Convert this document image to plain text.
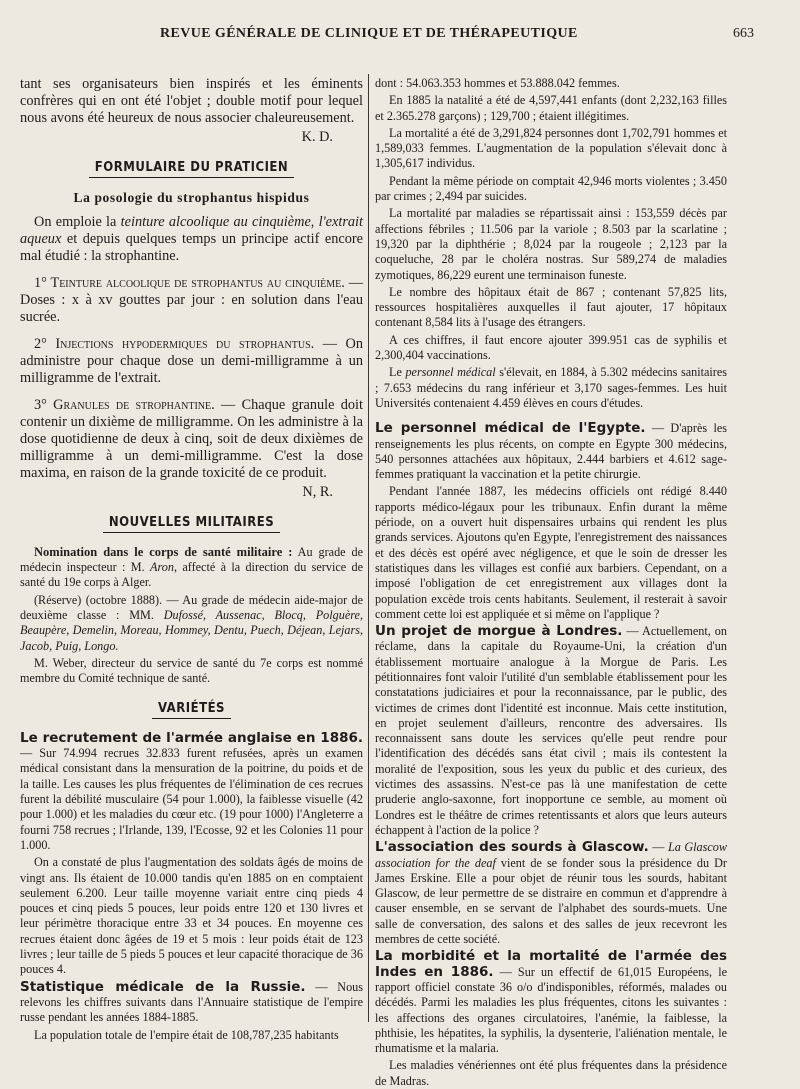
REVUE GÉNÉRALE DE CLINIQUE ET DE THÉRAPEUTIQUE	663

tant ses organisateurs bien inspirés et les éminents confrères qui en ont été l'objet ; double motif pour lequel nous avons été heureux de nous associer chaleureusement.

K. D.
FORMULAIRE DU PRATICIEN
La posologie du strophantus hispidus

On emploie la teinture alcoolique au cinquième, l'extrait aqueux et depuis quelques temps un principe actif encore mal étudié : la strophantine.

1° Teinture alcoolique de strophantus au cinquième. — Doses : x à xv gouttes par jour : en solution dans l'eau sucrée.

2° Injections hypodermiques du strophantus. — On administre pour chaque dose un demi-milligramme à un milligramme de l'extrait.

3° Granules de strophantine. — Chaque granule doit contenir un dixième de milligramme. On les administre à la dose quotidienne de deux à cinq, soit de deux dixièmes de milligramme à un demi-milligramme. C'est la dose maxima, en raison de la grande toxicité de ce produit.

N, R.
NOUVELLES MILITAIRES

Nomination dans le corps de santé militaire : Au grade de médecin inspecteur : M. Aron, affecté à la direction du service de santé du 19e corps à Alger.

(Réserve) (octobre 1888). — Au grade de médecin aide-major de deuxième classe : MM. Dufossé, Aussenac, Blocq, Polguère, Beaupère, Demelin, Moreau, Hommey, Dentu, Puech, Déjean, Lejars, Jacob, Puig, Longo.

M. Weber, directeur du service de santé du 7e corps est nommé membre du Comité technique de santé.

VARIÉTÉS

Le recrutement de l'armée anglaise en 1886. — Sur 74.994 recrues 32.833 furent refusées, après un examen médical consistant dans la mensuration de la poitrine, du poids et de la taille. Les causes les plus fréquentes de l'élimination de ces recrues furent la débilité musculaire (54 pour 1.000), la faiblesse visuelle (42 pour 1.000) et les maladies du cœur etc. (19 pour 1000) l'Angleterre a fourni 758 recrues ; l'Irlande, 139, l'Ecosse, 92 et les Colonies 11 pour 1.000.

On a constaté de plus l'augmentation des soldats âgés de moins de vingt ans. Ils étaient de 10.000 tandis qu'en 1885 on en comptaient seulement 6.200. Leur taille moyenne variait entre cinq pieds 4 pouces et cinq pieds 5 pouces, leur poids entre 120 et 130 livres et leur périmètre thoracique entre 33 et 34 pouces. En moyenne ces recrues étaient donc âgées de 19 et 5 mois : leur poids était de 123 livres ; leur taille de 5 pieds 5 pouces et leur capacité thoracique de 36 pouces 4.

Statistique médicale de la Russie. — Nous relevons les chiffres suivants dans l'Annuaire statistique de l'empire russe pendant les années 1884-1885.

La population totale de l'empire était de 108,787,235 habitants

dont : 54.063.353 hommes et 53.888.042 femmes.

En 1885 la natalité a été de 4,597,441 enfants (dont 2,232,163 filles et 2.365.278 garçons) ; 129,700 ; étaient illégitimes.

La mortalité a été de 3,291,824 personnes dont 1,702,791 hommes et 1,589,033 femmes. L'augmentation de la population s'élevait donc à 1,305,617 individus.

Pendant la même période on comptait 42,946 morts violentes ; 3.450 par crimes ; 2,494 par suicides.

La mortalité par maladies se répartissait ainsi : 153,559 décès par affections fébriles ; 11.506 par la variole ; 8.503 par la scarlatine ; 19,320 par la diphthérie ; 8,024 par la rougeole ; 2,123 par la coqueluche, 28 par le choléra nostras. Sur 589,274 de maladies zymotiques, 86,229 eurent une terminaison funeste.

Le nombre des hôpitaux était de 867 ; contenant 57,825 lits, ressources hospitalières auxquelles il faut ajouter, 17 hôpitaux contenant 8,584 lits à l'usage des étrangers.

A ces chiffres, il faut encore ajouter 399.951 cas de syphilis et 2,300,404 vaccinations.

Le personnel médical s'élevait, en 1884, à 5.302 médecins sanitaires ; 7.653 médecins du rang inférieur et 3,170 sages-femmes. Les huit Universités contenaient 4.459 élèves en cours d'études.

Le personnel médical de l'Egypte. — D'après les renseignements les plus récents, on compte en Egypte 300 médecins, 540 personnes attachées aux hôpitaux, 2.444 barbiers et 4.612 sage-femmes pratiquant la vaccination et la petite chirurgie.

Pendant l'année 1887, les médecins officiels ont rédigé 8.440 rapports médico-légaux pour les tribunaux. Enfin durant la même période, on a ouvert huit dispensaires urbains qui rendent les plus grands services. Ajoutons qu'en Egypte, l'enregistrement des naissances et des décès est opéré avec négligence, et que le soin de dresser les statistiques dans les villages est confié aux barbiers. Cependant, on a imposé l'obligation de cet enregistrement aux villages dont la population excède trois cents habitants. Seulement, il resterait à savoir comment cette loi est appliquée et si même on l'applique ?

Un projet de morgue à Londres. — Actuellement, on réclame, dans la capitale du Royaume-Uni, la création d'un établissement mortuaire analogue à la Morgue de Paris. Les pétitionnaires font valoir l'utilité d'un semblable établissement pour les constatations judiciaires et pour la reconnaissance, par le public, des victimes de crimes dont l'identité est inconnue. Mais cette institution, en projet seulement d'ailleurs, rencontre des adversaires. Ils reconnaissent sans doute les services qu'elle peut rendre pour l'identification des décédés sans état civil ; mais ils contestent la moralité de l'exposition, sous les yeux du public et des curieux, des victimes des assassins. N'est-ce pas là une manifestation de cette pruderie anglo-saxonne, fort inopportune ce semble, au moment où Londres est le théâtre de crimes retentissants et alors que leurs auteurs échappent à l'action de la police ?

L'association des sourds à Glascow. — La Glascow association for the deaf vient de se fonder sous la présidence du Dr James Erskine. Elle a pour objet de réunir tous les sourds, habitant Glascow, de leur permettre de se distraire en commun et d'apprendre à causer ensemble, en se servant de l'alphabet des sourds-muets. Une salle de conversation, des salons et des salles de jeux recevront les membres de cette société.

La morbidité et la mortalité de l'armée des Indes en 1886. — Sur un effectif de 61,015 Européens, le rapport officiel constate 36 o/o d'indisponibles, réformés, malades ou décédés. Parmi les maladies les plus fréquentes, citons les suivantes : les affections des organes circulatoires, l'anémie, la faiblesse, la phthisie, les hépatites, la syphilis, la dysenterie, l'aliénation mentale, le rhumatisme et la malaria.

Les maladies vénériennes ont été plus fréquentes dans la présidence de Madras.
